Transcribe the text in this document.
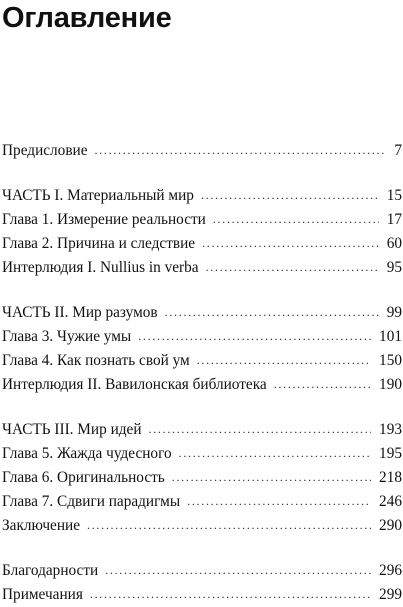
Оглавление
Предисловие . . .	7
ЧАСТЬ I. Материальный мир . . .	15
Глава 1. Измерение реальности . . .	17
Глава 2. Причина и следствие . . .	60
Интерлюдия I. Nullius in verba . . .	95
ЧАСТЬ II. Мир разумов . . .	99
Глава 3. Чужие умы . . .	101
Глава 4. Как познать свой ум . . .	150
Интерлюдия II. Вавилонская библиотека . . .	190
ЧАСТЬ III. Мир идей . . .	193
Глава 5. Жажда чудесного . . .	195
Глава 6. Оригинальность . . .	218
Глава 7. Сдвиги парадигмы . . .	246
Заключение . . .	290
Благодарности . . .	296
Примечания . . .	299
